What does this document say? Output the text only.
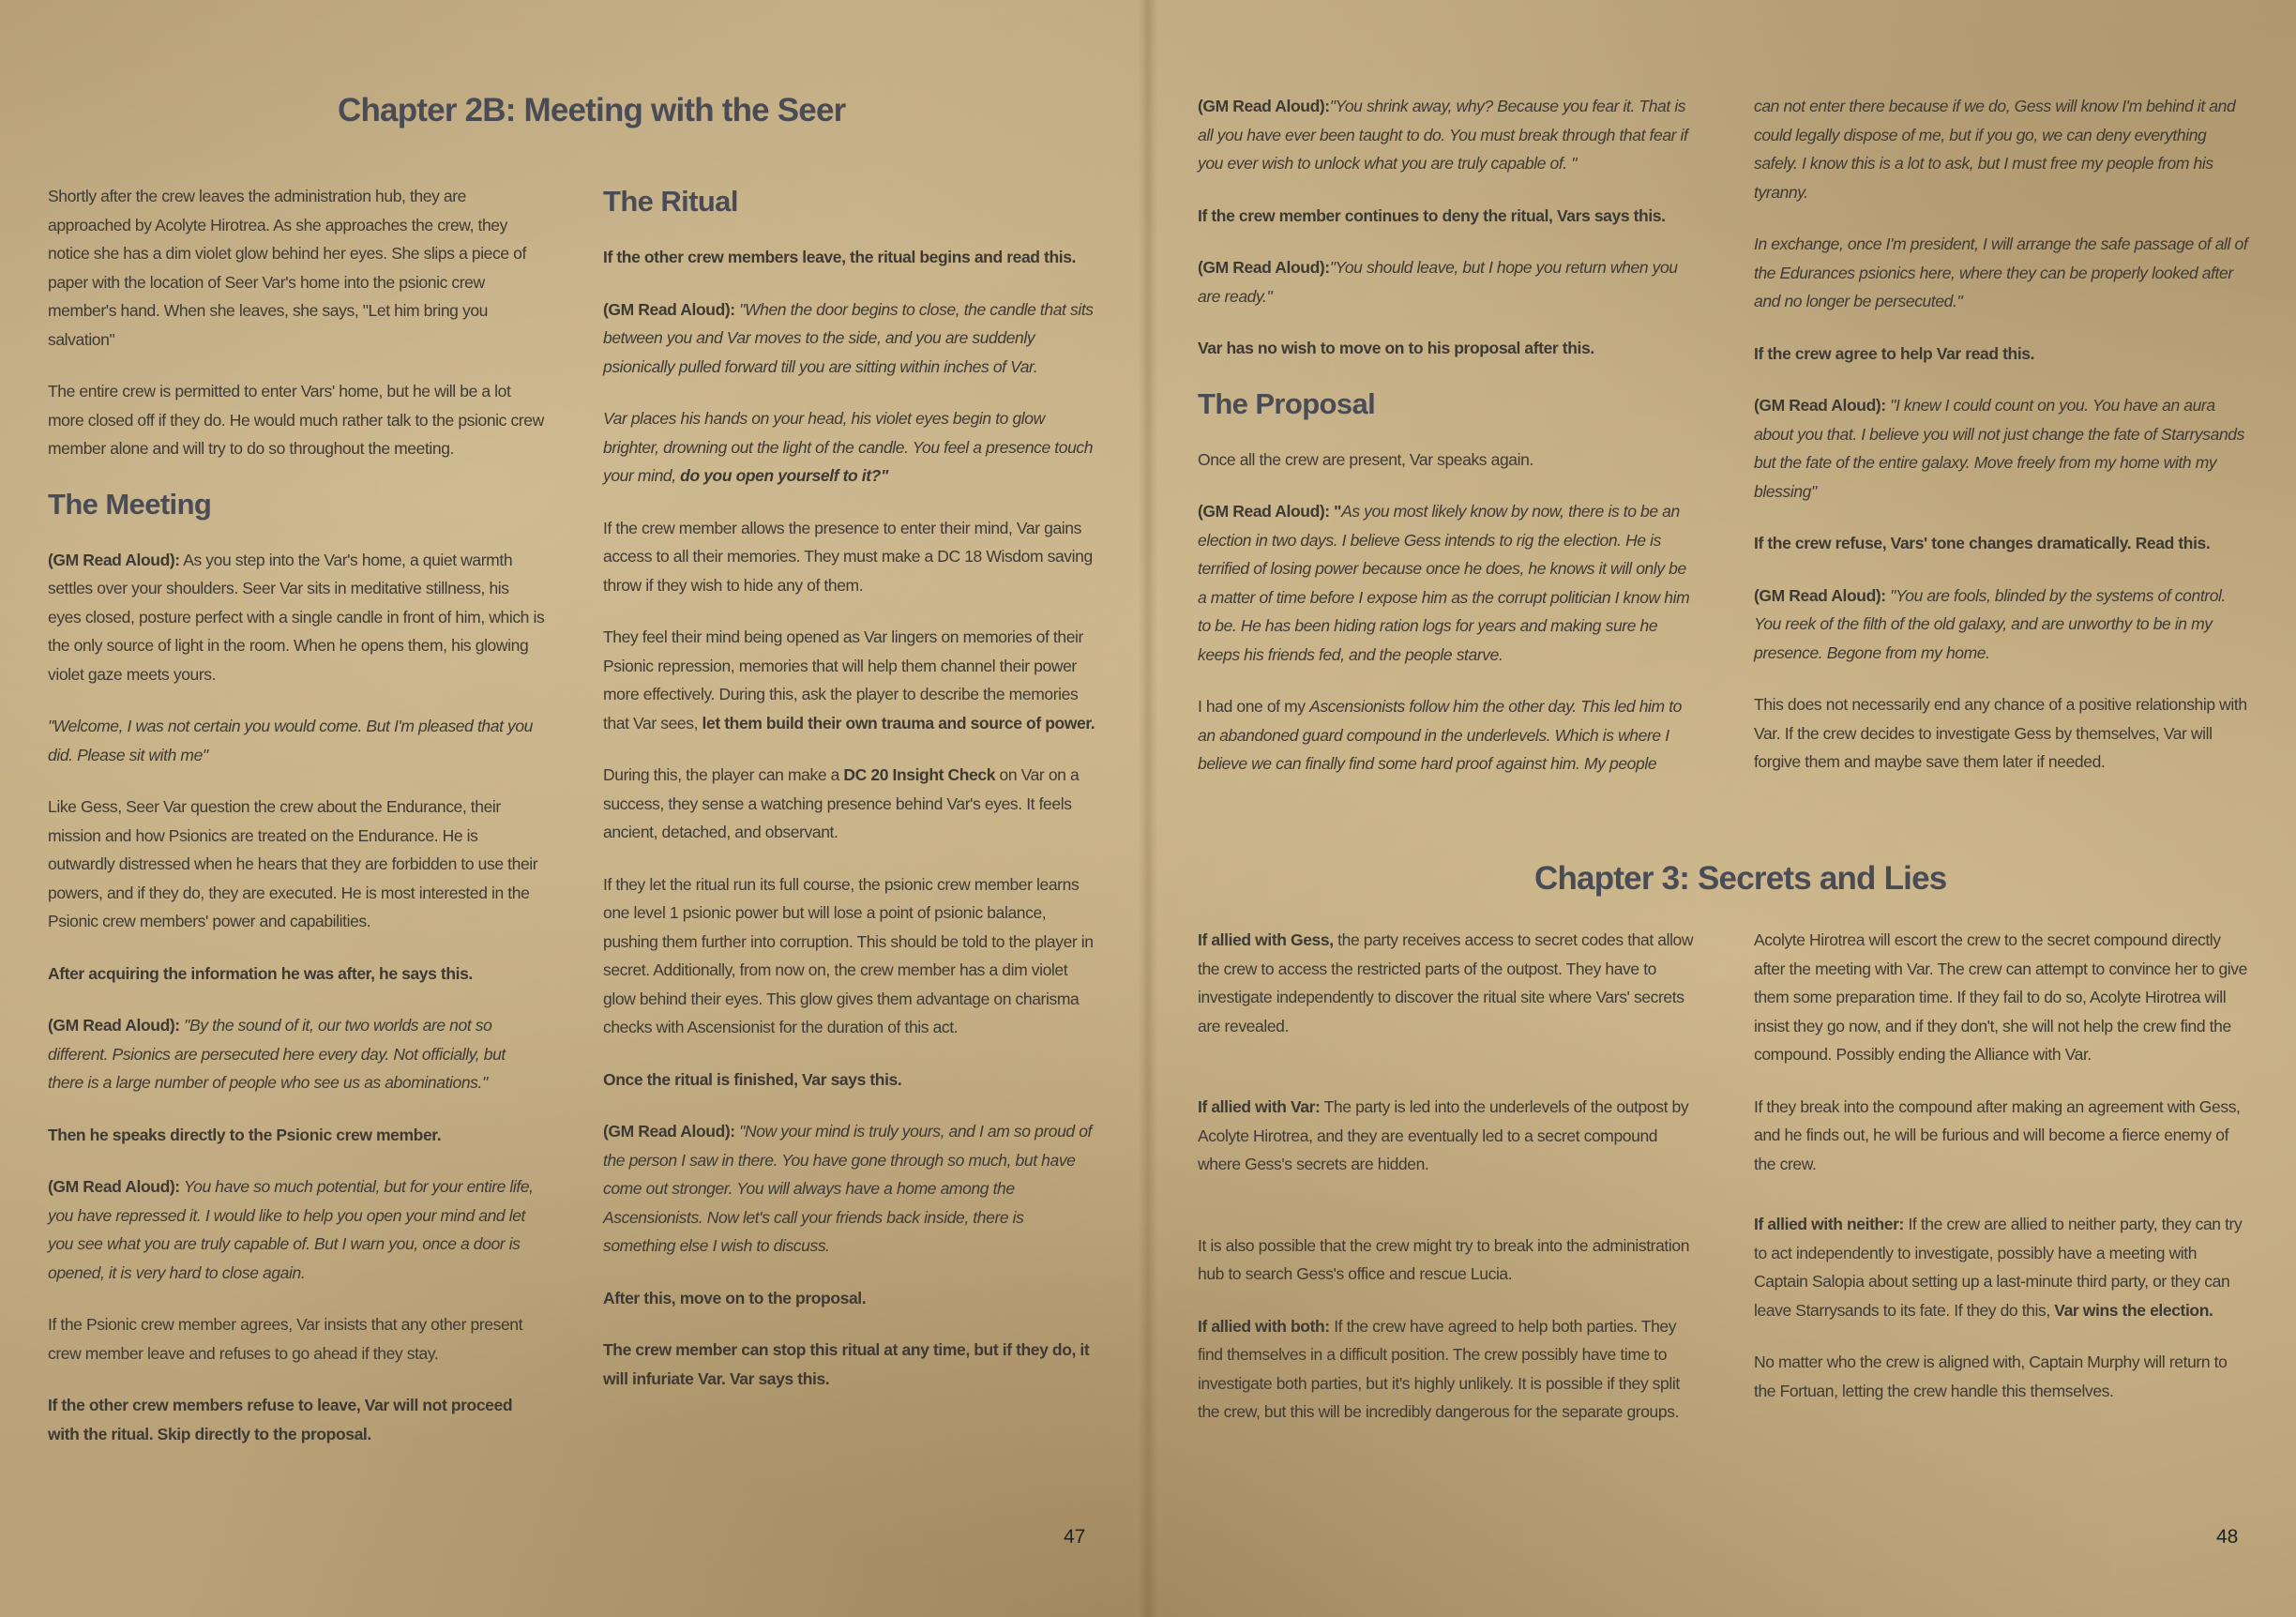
Chapter 2B: Meeting with the Seer

Shortly after the crew leaves the administration hub, they are approached by Acolyte Hirotrea. As she approaches the crew, they notice she has a dim violet glow behind her eyes. She slips a piece of paper with the location of Seer Var's home into the psionic crew member's hand. When she leaves, she says, "Let him bring you salvation"

The entire crew is permitted to enter Vars' home, but he will be a lot more closed off if they do. He would much rather talk to the psionic crew member alone and will try to do so throughout the meeting.

The Meeting

(GM Read Aloud): As you step into the Var's home, a quiet warmth settles over your shoulders. Seer Var sits in meditative stillness, his eyes closed, posture perfect with a single candle in front of him, which is the only source of light in the room. When he opens them, his glowing violet gaze meets yours.

"Welcome, I was not certain you would come. But I'm pleased that you did. Please sit with me"

Like Gess, Seer Var question the crew about the Endurance, their mission and how Psionics are treated on the Endurance. He is outwardly distressed when he hears that they are forbidden to use their powers, and if they do, they are executed. He is most interested in the Psionic crew members' power and capabilities.

After acquiring the information he was after, he says this.

(GM Read Aloud): "By the sound of it, our two worlds are not so different. Psionics are persecuted here every day. Not officially, but there is a large number of people who see us as abominations."

Then he speaks directly to the Psionic crew member.

(GM Read Aloud): You have so much potential, but for your entire life, you have repressed it. I would like to help you open your mind and let you see what you are truly capable of. But I warn you, once a door is opened, it is very hard to close again.

If the Psionic crew member agrees, Var insists that any other present crew member leave and refuses to go ahead if they stay.

If the other crew members refuse to leave, Var will not proceed with the ritual. Skip directly to the proposal.

The Ritual

If the other crew members leave, the ritual begins and read this.

(GM Read Aloud): "When the door begins to close, the candle that sits between you and Var moves to the side, and you are suddenly psionically pulled forward till you are sitting within inches of Var.

Var places his hands on your head, his violet eyes begin to glow brighter, drowning out the light of the candle. You feel a presence touch your mind, do you open yourself to it?"

If the crew member allows the presence to enter their mind, Var gains access to all their memories. They must make a DC 18 Wisdom saving throw if they wish to hide any of them.

They feel their mind being opened as Var lingers on memories of their Psionic repression, memories that will help them channel their power more effectively. During this, ask the player to describe the memories that Var sees, let them build their own trauma and source of power.

During this, the player can make a DC 20 Insight Check on Var on a success, they sense a watching presence behind Var's eyes. It feels ancient, detached, and observant.

If they let the ritual run its full course, the psionic crew member learns one level 1 psionic power but will lose a point of psionic balance, pushing them further into corruption. This should be told to the player in secret. Additionally, from now on, the crew member has a dim violet glow behind their eyes. This glow gives them advantage on charisma checks with Ascensionist for the duration of this act.

Once the ritual is finished, Var says this.

(GM Read Aloud): "Now your mind is truly yours, and I am so proud of the person I saw in there. You have gone through so much, but have come out stronger. You will always have a home among the Ascensionists. Now let's call your friends back inside, there is something else I wish to discuss.

After this, move on to the proposal.

The crew member can stop this ritual at any time, but if they do, it will infuriate Var. Var says this.

47

(GM Read Aloud):"You shrink away, why? Because you fear it. That is all you have ever been taught to do. You must break through that fear if you ever wish to unlock what you are truly capable of. "

If the crew member continues to deny the ritual, Vars says this.

(GM Read Aloud):"You should leave, but I hope you return when you are ready."

Var has no wish to move on to his proposal after this.

The Proposal

Once all the crew are present, Var speaks again.

(GM Read Aloud): "As you most likely know by now, there is to be an election in two days. I believe Gess intends to rig the election. He is terrified of losing power because once he does, he knows it will only be a matter of time before I expose him as the corrupt politician I know him to be. He has been hiding ration logs for years and making sure he keeps his friends fed, and the people starve.

I had one of my Ascensionists follow him the other day. This led him to an abandoned guard compound in the underlevels. Which is where I believe we can finally find some hard proof against him. My people

can not enter there because if we do, Gess will know I'm behind it and could legally dispose of me, but if you go, we can deny everything safely. I know this is a lot to ask, but I must free my people from his tyranny.

In exchange, once I'm president, I will arrange the safe passage of all of the Edurances psionics here, where they can be properly looked after and no longer be persecuted."

If the crew agree to help Var read this.

(GM Read Aloud): "I knew I could count on you. You have an aura about you that. I believe you will not just change the fate of Starrysands but the fate of the entire galaxy. Move freely from my home with my blessing"

If the crew refuse, Vars' tone changes dramatically. Read this.

(GM Read Aloud): "You are fools, blinded by the systems of control. You reek of the filth of the old galaxy, and are unworthy to be in my presence. Begone from my home.

This does not necessarily end any chance of a positive relationship with Var. If the crew decides to investigate Gess by themselves, Var will forgive them and maybe save them later if needed.

Chapter 3: Secrets and Lies

If allied with Gess, the party receives access to secret codes that allow the crew to access the restricted parts of the outpost. They have to investigate independently to discover the ritual site where Vars' secrets are revealed.

If allied with Var: The party is led into the underlevels of the outpost by Acolyte Hirotrea, and they are eventually led to a secret compound where Gess's secrets are hidden.

It is also possible that the crew might try to break into the administration hub to search Gess's office and rescue Lucia.

If allied with both: If the crew have agreed to help both parties. They find themselves in a difficult position. The crew possibly have time to investigate both parties, but it's highly unlikely. It is possible if they split the crew, but this will be incredibly dangerous for the separate groups.

Acolyte Hirotrea will escort the crew to the secret compound directly after the meeting with Var. The crew can attempt to convince her to give them some preparation time. If they fail to do so, Acolyte Hirotrea will insist they go now, and if they don't, she will not help the crew find the compound. Possibly ending the Alliance with Var.

If they break into the compound after making an agreement with Gess, and he finds out, he will be furious and will become a fierce enemy of the crew.

If allied with neither: If the crew are allied to neither party, they can try to act independently to investigate, possibly have a meeting with Captain Salopia about setting up a last-minute third party, or they can leave Starrysands to its fate. If they do this, Var wins the election.

No matter who the crew is aligned with, Captain Murphy will return to the Fortuan, letting the crew handle this themselves.

48
